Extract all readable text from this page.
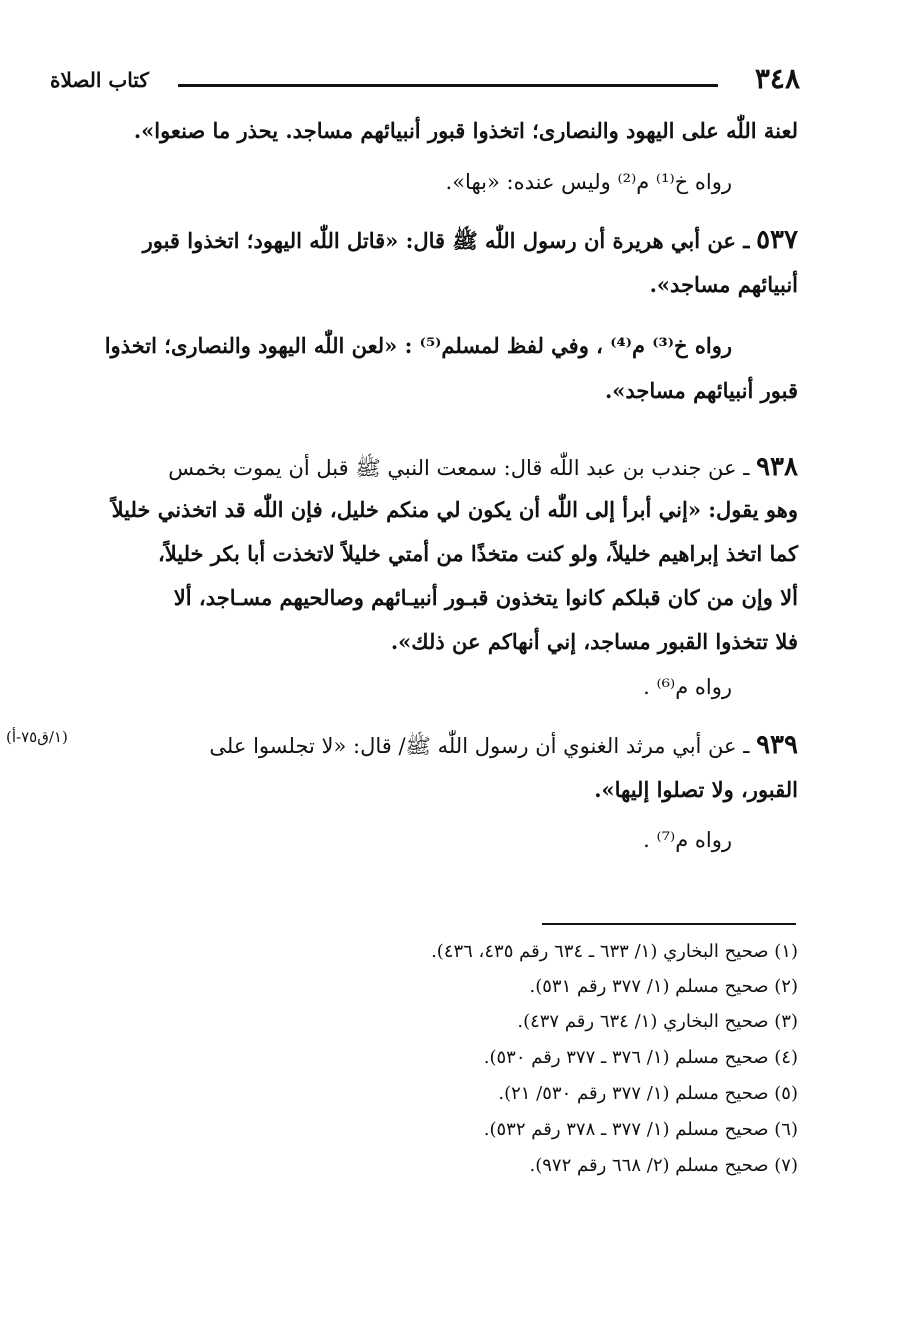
٣٤٨
كتاب الصلاة
لعنة اللّٰه على اليهود والنصارى؛ اتخذوا قبور أنبيائهم مساجد. يحذر ما صنعوا».
رواه خ⁽¹⁾ م⁽²⁾ وليس عنده: «بها».
٥٣٧ ـ عن أبي هريرة أن رسول اللّٰه ﷺ قال: «قاتل اللّٰه اليهود؛ اتخذوا قبور
أنبيائهم مساجد».
رواه خ⁽³⁾ م⁽⁴⁾ ، وفي لفظ لمسلم⁽⁵⁾ : «لعن اللّٰه اليهود والنصارى؛ اتخذوا
قبور أنبيائهم مساجد».
٩٣٨ ـ عن جندب بن عبد اللّٰه قال: سمعت النبي ﷺ قبل أن يموت بخمس
وهو يقول: «إني أبرأ إلى اللّٰه أن يكون لي منكم خليل، فإن اللّٰه قد اتخذني خليلاً
كما اتخذ إبراهيم خليلاً، ولو كنت متخذًا من أمتي خليلاً لاتخذت أبا بكر خليلاً،
ألا وإن من كان قبلكم كانوا يتخذون قبـور أنبيـائهم وصالحيهم مسـاجد، ألا
فلا تتخذوا القبور مساجد، إني أنهاكم عن ذلك».
رواه م⁽⁶⁾ .
(١/ق٧٥-أ)	٩٣٩ ـ عن أبي مرثد الغنوي أن رسول اللّٰه ﷺ/ قال: «لا تجلسوا على
القبور، ولا تصلوا إليها».
رواه م⁽⁷⁾ .
(١) صحيح البخاري (١/ ٦٣٣ ـ ٦٣٤ رقم ٤٣٥، ٤٣٦).
(٢) صحيح مسلم (١/ ٣٧٧ رقم ٥٣١).
(٣) صحيح البخاري (١/ ٦٣٤ رقم ٤٣٧).
(٤) صحيح مسلم (١/ ٣٧٦ ـ ٣٧٧ رقم ٥٣٠).
(٥) صحيح مسلم (١/ ٣٧٧ رقم ٥٣٠/ ٢١).
(٦) صحيح مسلم (١/ ٣٧٧ ـ ٣٧٨ رقم ٥٣٢).
(٧) صحيح مسلم (٢/ ٦٦٨ رقم ٩٧٢).
